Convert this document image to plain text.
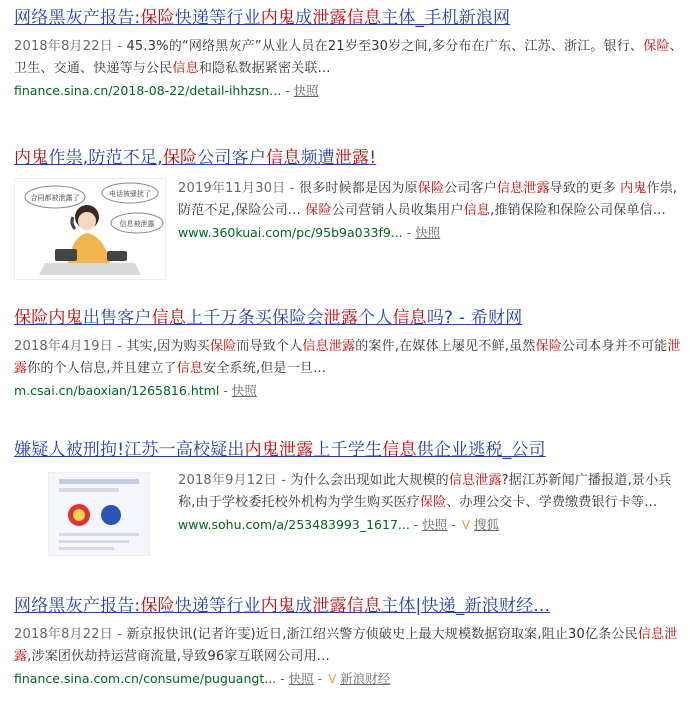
网络黑灰产报告:保险快递等行业内鬼成泄露信息主体_手机新浪网
2018年8月22日 - 45.3%的“网络黑灰产”从业人员在21岁至30岁之间,多分布在广东、江苏、浙江。银行、保险、卫生、交通、快递等与公民信息和隐私数据紧密关联...
finance.sina.cn/2018-08-22/detail-ihhzsn... - 快照
内鬼作祟,防范不足,保险公司客户信息频遭泄露!
合同都被泄露了	电话被骚扰了
信息被泄露
2019年11月30日 - 很多时候都是因为原保险公司客户信息泄露导致的更多 内鬼作祟,防范不足,保险公司... 保险公司营销人员收集用户信息,推销保险和保险公司保单信...
www.360kuai.com/pc/95b9a033f9... - 快照
保险内鬼出售客户信息上千万条买保险会泄露个人信息吗? - 希财网
2018年4月19日 - 其实,因为购买保险而导致个人信息泄露的案件,在媒体上屡见不鲜,虽然保险公司本身并不可能泄露你的个人信息,并且建立了信息安全系统,但是一旦...
m.csai.cn/baoxian/1265816.html - 快照
嫌疑人被刑拘!江苏一高校疑出内鬼泄露上千学生信息供企业逃税_公司
2018年9月12日 - 为什么会出现如此大规模的信息泄露?据江苏新闻广播报道,景小兵称,由于学校委托校外机构为学生购买医疗保险、办理公交卡、学费缴费银行卡等...
www.sohu.com/a/253483993_1617... - 快照 - V 搜狐
网络黑灰产报告:保险快递等行业内鬼成泄露信息主体|快递_新浪财经...
2018年8月22日 - 新京报快讯(记者许雯)近日,浙江绍兴警方侦破史上最大规模数据窃取案,阻止30亿条公民信息泄露,涉案团伙劫持运营商流量,导致96家互联网公司用...
finance.sina.com.cn/consume/puguangt... - 快照 - V 新浪财经
